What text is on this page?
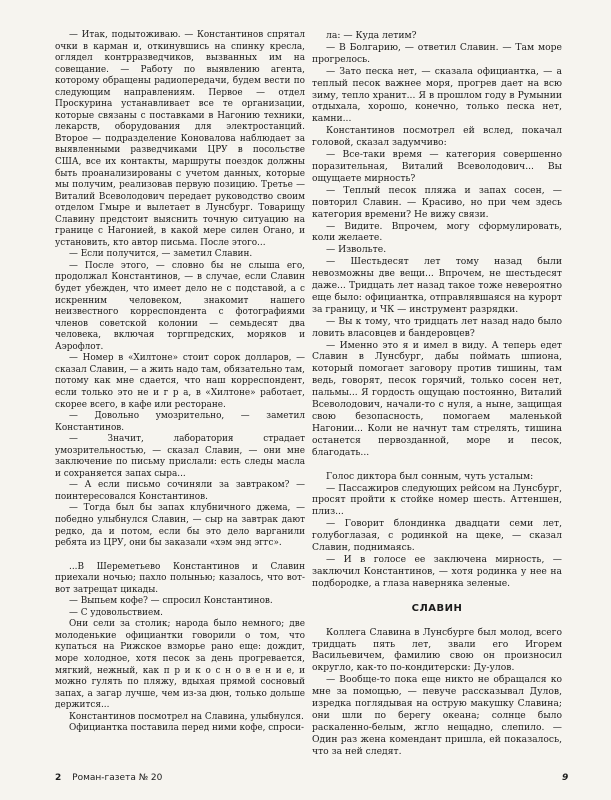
— Итак, подытоживаю. — Константинов спрятал очки в карман и, откинувшись на спинку кресла, оглядел контрразведчиков, вызванных им на совещание. — Работу по выявлению агента, которому обращены радиопередачи, будем вести по следующим направлениям. Первое — отдел Проскурина устанавливает все те организации, которые связаны с поставками в Нагонию техники, лекарств, оборудования для электростанций. Второе — подразделение Коновалова наблюдает за выявленными разведчиками ЦРУ в посольстве США, все их контакты, маршруты поездок должны быть проанализированы с учетом данных, которые мы получим, реализовав первую позицию. Третье — Виталий Всеволодович передает руководство своим отделом Гмыре и вылетает в Лунсбург. Товарищу Славину предстоит выяснить точную ситуацию на границе с Нагонией, в какой мере силен Огано, и установить, кто автор письма. После этого...

— Если получится, — заметил Славин.

— После этого, — словно бы не слыша его, продолжал Константинов, — в случае, если Славин будет убежден, что имеет дело не с подставой, а с искренним человеком, знакомит нашего неизвестного корреспондента с фотографиями членов советской колонии — семьдесят два человека, включая торгпредских, моряков и Аэрофлот.

— Номер в «Хилтоне» стоит сорок долларов, — сказал Славин, — а жить надо там, обязательно там, потому как мне сдается, что наш корреспондент, если только это не и г р а, в «Хилтоне» работает, скорее всего, в кафе или ресторане.

— Довольно умозрительно, — заметил Константинов.

— Значит, лаборатория страдает умозрительностью, — сказал Славин, — они мне заключение по письму прислали: есть следы масла и сохраняется запах сыра...

— А если письмо сочиняли за завтраком? — поинтересовался Константинов.

— Тогда был бы запах клубничного джема, — победно улыбнулся Славин, — сыр на завтрак дают редко, да и потом, если бы это дело варганили ребята из ЦРУ, они бы заказали «хэм энд эггс».

...В Шереметьево Константинов и Славин приехали ночью; пахло полынью; казалось, что вот-вот затрещат цикады.

— Выпьем кофе? — спросил Константинов.

— С удовольствием.

Они сели за столик; народа было немного; две молоденькие официантки говорили о том, что купаться на Рижское взморье рано еще: дождит, море холодное, хотя песок за день прогревается, мягкий, нежный, как п р и к о с н о в е н и е, и можно гулять по пляжу, вдыхая прямой сосновый запах, а загар лучше, чем из-за дюн, только дольше держится...

Константинов посмотрел на Славина, улыбнулся.

Официантка поставила перед ними кофе, спроси-

ла: — Куда летим?

— В Болгарию, — ответил Славин. — Там море прогрелось.

— Зато песка нет, — сказала официантка, — а теплый песок важнее моря, прогрев дает на всю зиму, тепло хранит... Я в прошлом году в Румынии отдыхала, хорошо, конечно, только песка нет, камни...

Константинов посмотрел ей вслед, покачал головой, сказал задумчиво:

— Все-таки время — категория совершенно поразительная, Виталий Всеволодович... Вы ощущаете мирность?

— Теплый песок пляжа и запах сосен, — повторил Славин. — Красиво, но при чем здесь категория времени? Не вижу связи.

— Видите. Впрочем, могу сформулировать, коли желаете.

— Извольте.

— Шестьдесят лет тому назад были невозможны две вещи... Впрочем, не шестьдесят даже... Тридцать лет назад такое тоже невероятно еще было: официантка, отправлявшаяся на курорт за границу, и ЧК — инструмент разрядки.

— Вы к тому, что тридцать лет назад надо было ловить власовцев и бандеровцев?

— Именно это я и имел в виду. А теперь едет Славин в Лунсбург, дабы поймать шпиона, который помогает заговору против тишины, там ведь, говорят, песок горячий, только сосен нет, пальмы... Я гордость ощущаю постоянно, Виталий Всеволодович, начали-то с нуля, а ныне, защищая свою безопасность, помогаем маленькой Нагонии... Коли не начнут там стрелять, тишина останется первозданной, море и песок, благодать...

Голос диктора был сонным, чуть усталым:

— Пассажиров следующих рейсом на Лунсбург, просят пройти к стойке номер шесть. Аттеншен, плиз...

— Говорит блондинка двадцати семи лет, голубоглазая, с родинкой на щеке, — сказал Славин, поднимаясь.

— И в голосе ее заключена мирность, — заключил Константинов, — хотя родинка у нее на подбородке, а глаза наверняка зеленые.

СЛАВИН

Коллега Славина в Лунсбурге был молод, всего тридцать пять лет, звали его Игорем Васильевичем, фамилию свою он произносил округло, как-то по-кондитерски: Ду-улов.

— Вообще-то пока еще никто не обращался ко мне за помощью, — певуче рассказывал Дулов, изредка поглядывая на острую макушку Славина; они шли по берегу океана; солнце было раскаленно-белым, жгло нещадно, слепило. — Один раз жена комендант пришла, ей показалось, что за ней следят.

2 Роман-газета № 20	9
